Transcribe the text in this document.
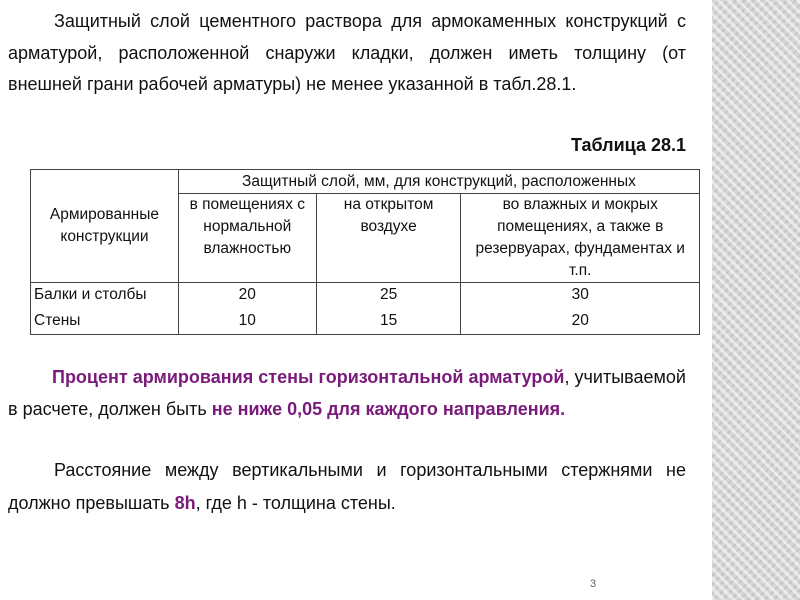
Защитный слой цементного раствора для армокаменных конструкций с арматурой, расположенной снаружи кладки, должен иметь толщину (от внешней грани рабочей арматуры) не менее указанной в табл.28.1.

Таблица 28.1

Армированные конструкции	Защитный слой, мм, для конструкций, расположенных		
	в помещениях с нормальной влажностью	на открытом воздухе	во влажных и мокрых помещениях, а также в резервуарах, фундаментах и т.п.
Балки и столбы	20	25	30
Стены	10	15	20

Процент армирования стены горизонтальной арматурой, учитываемой в расчете, должен быть не ниже 0,05 для каждого направления.

Расстояние между вертикальными и горизонтальными стержнями не должно превышать 8h, где h - толщина стены.

3
